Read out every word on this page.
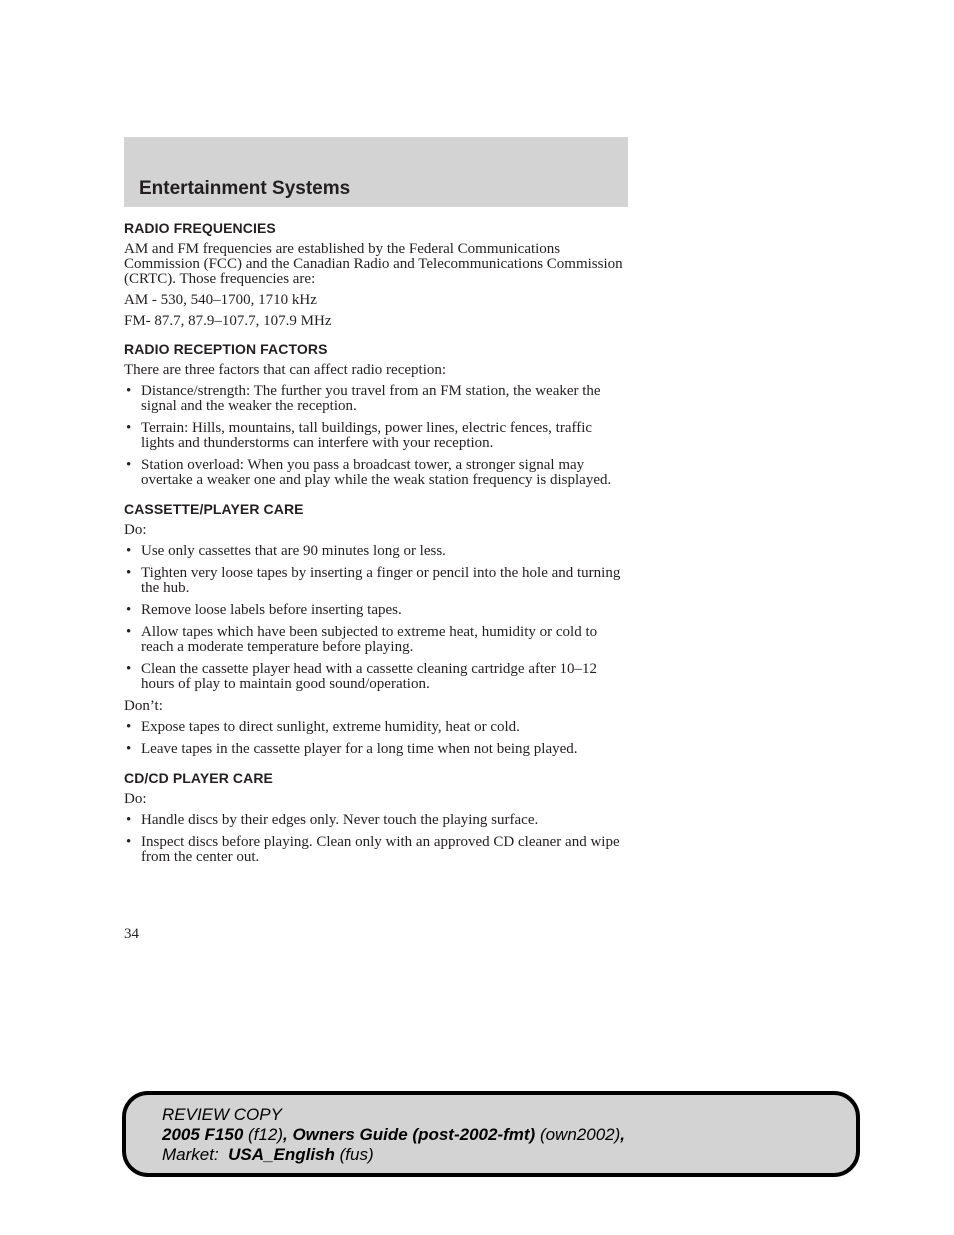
Entertainment Systems
RADIO FREQUENCIES

AM and FM frequencies are established by the Federal Communications Commission (FCC) and the Canadian Radio and Telecommunications Commission (CRTC). Those frequencies are:

AM - 530, 540–1700, 1710 kHz

FM- 87.7, 87.9–107.7, 107.9 MHz

RADIO RECEPTION FACTORS

There are three factors that can affect radio reception:

• Distance/strength: The further you travel from an FM station, the weaker the signal and the weaker the reception.
• Terrain: Hills, mountains, tall buildings, power lines, electric fences, traffic lights and thunderstorms can interfere with your reception.
• Station overload: When you pass a broadcast tower, a stronger signal may overtake a weaker one and play while the weak station frequency is displayed.
CASSETTE/PLAYER CARE

Do:

• Use only cassettes that are 90 minutes long or less.
• Tighten very loose tapes by inserting a finger or pencil into the hole and turning the hub.
• Remove loose labels before inserting tapes.
• Allow tapes which have been subjected to extreme heat, humidity or cold to reach a moderate temperature before playing.
• Clean the cassette player head with a cassette cleaning cartridge after 10–12 hours of play to maintain good sound/operation.

Don’t:

• Expose tapes to direct sunlight, extreme humidity, heat or cold.
• Leave tapes in the cassette player for a long time when not being played.
CD/CD PLAYER CARE

Do:

• Handle discs by their edges only. Never touch the playing surface.
• Inspect discs before playing. Clean only with an approved CD cleaner and wipe from the center out.
34
REVIEW COPY
2005 F150 (f12), Owners Guide (post-2002-fmt) (own2002),
Market: USA_English (fus)
